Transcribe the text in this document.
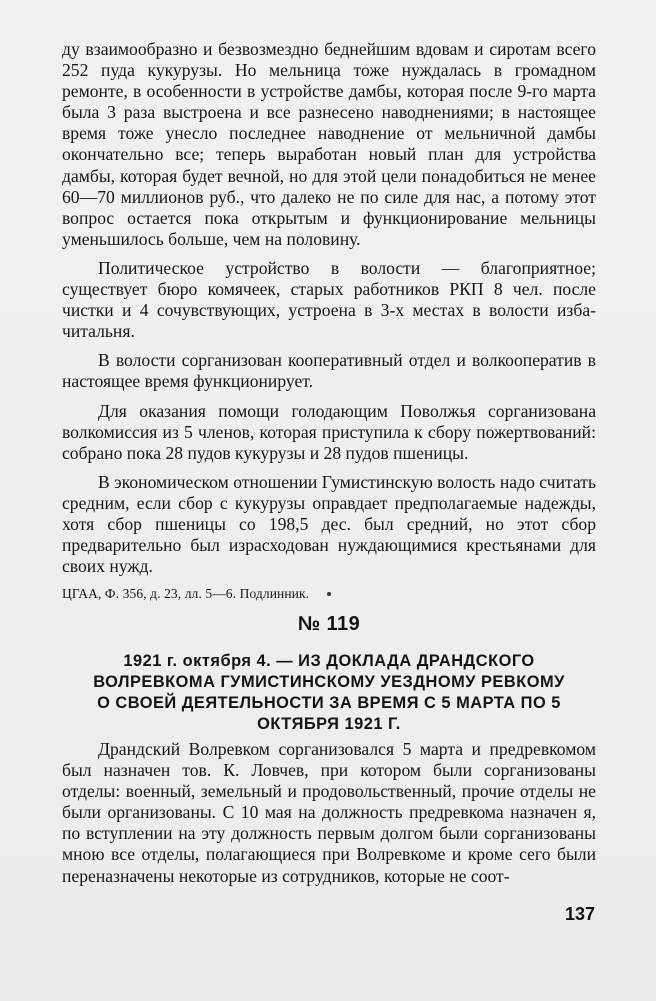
ду взаимообразно и безвозмездно беднейшим вдовам и сиротам всего 252 пуда кукурузы. Но мельница тоже нуждалась в громадном ремонте, в особенности в устройстве дамбы, которая после 9-го марта была 3 раза выстроена и все разнесено наводнениями; в настоящее время тоже унесло последнее наводнение от мельничной дамбы окончательно все; теперь выработан новый план для устройства дамбы, которая будет вечной, но для этой цели понадобиться не менее 60—70 миллионов руб., что далеко не по силе для нас, а потому этот вопрос остается пока открытым и функционирование мельницы уменьшилось больше, чем на половину.

Политическое устройство в волости — благоприятное; существует бюро комячеек, старых работников РКП 8 чел. после чистки и 4 сочувствующих, устроена в 3-х местах в волости изба-читальня.

В волости сорганизован кооперативный отдел и волкооператив в настоящее время функционирует.

Для оказания помощи голодающим Поволжья сорганизована волкомиссия из 5 членов, которая приступила к сбору пожертвований: собрано пока 28 пудов кукурузы и 28 пудов пшеницы.

В экономическом отношении Гумистинскую волость надо считать средним, если сбор с кукурузы оправдает предполагаемые надежды, хотя сбор пшеницы со 198,5 дес. был средний, но этот сбор предварительно был израсходован нуждающимися крестьянами для своих нужд.

ЦГАА, Ф. 356, д. 23, лл. 5—6. Подлинник.

№ 119
1921 г. октября 4. — ИЗ ДОКЛАДА ДРАНДСКОГО ВОЛРЕВКОМА ГУМИСТИНСКОМУ УЕЗДНОМУ РЕВКОМУ О СВОЕЙ ДЕЯТЕЛЬНОСТИ ЗА ВРЕМЯ С 5 МАРТА ПО 5 ОКТЯБРЯ 1921 Г.

Драндский Волревком сорганизовался 5 марта и предревкомом был назначен тов. К. Ловчев, при котором были сорганизованы отделы: военный, земельный и продовольственный, прочие отделы не были организованы. С 10 мая на должность предревкома назначен я, по вступлении на эту должность первым долгом были сорганизованы мною все отделы, полагающиеся при Волревкоме и кроме сего были переназначены некоторые из сотрудников, которые не соот-

137
